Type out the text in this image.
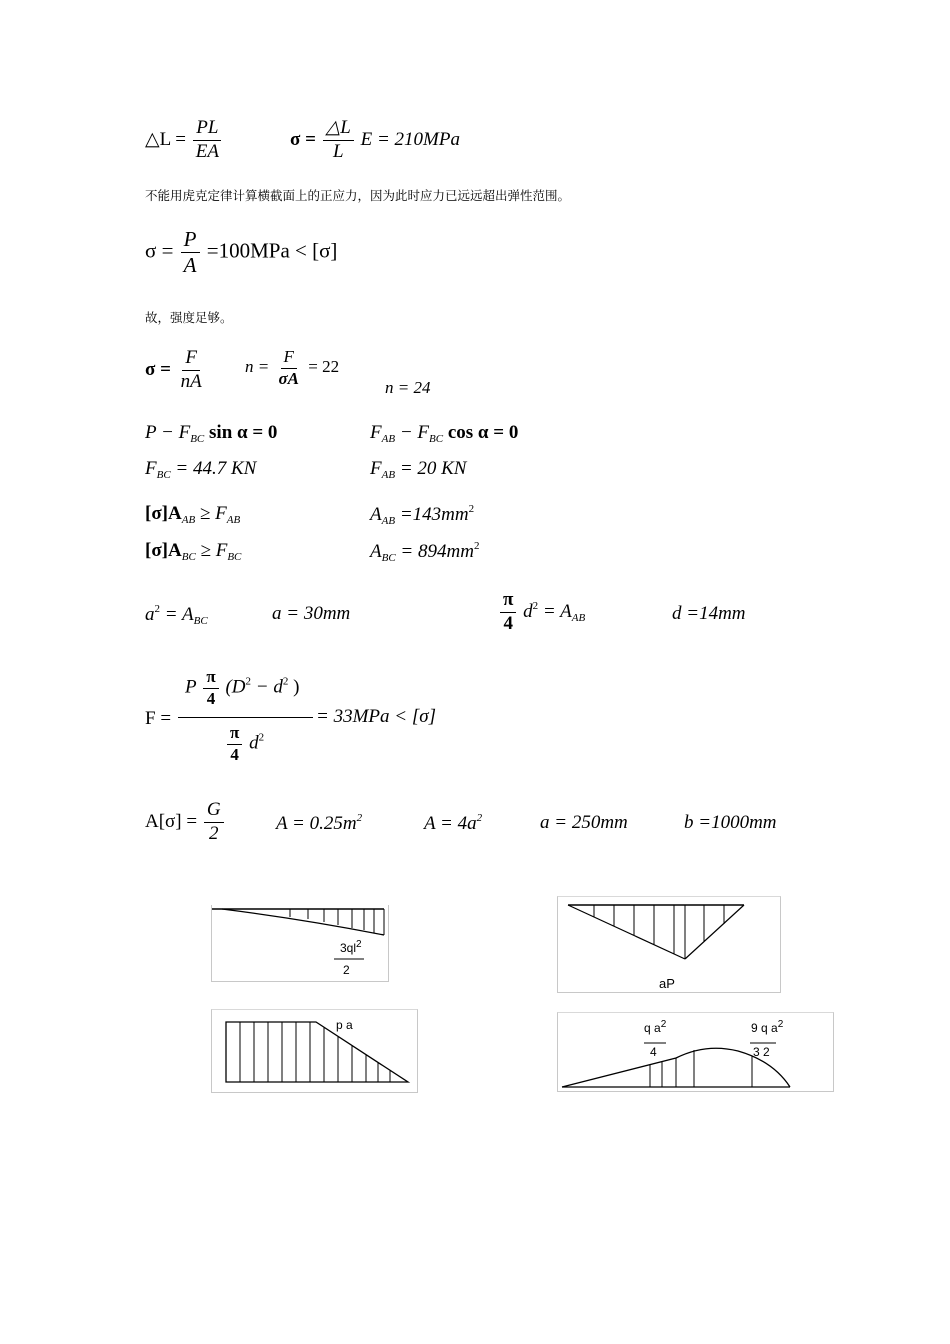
△L = $\frac{PL}{EA}$	$\sigma = \frac{\triangle L}{L}$ E = 210MPa
不能用虎克定律计算横截面上的正应力，因为此时应力已远远超出弹性范围。
$\sigma = \frac{P}{A} =100MPa < [\sigma]$
故，强度足够。
$\sigma = \frac{F}{nA}$ $n = \frac{F}{\sigma A} = 22$
n = 24
$P - F_{BC}$ sin α = 0	$F_{AB} - F_{BC}$ cos α = 0
$F_{BC} = 44.7$ KN	$F_{AB} = 20$ KN
$[\sigma]A_{AB} \ge F_{AB}$	$A_{AB} =143mm^2$
$[\sigma]A_{BC} \ge F_{BC}$	$A_{BC} = 894mm^2$
$a^2 = A_{BC}$	a = 30mm	$\frac{\pi}{4} d^2 = A_{AB}$	d =14mm
F =
P $\frac{\pi}{4} (D^2 - d^2$ )
$\frac{\pi}{4} d^2$
= 33MPa < [σ]
$A[\sigma] = \frac{G}{2}$	$A = 0.25m^2$	$A = 4a^2$	a = 250mm	b =1000mm
$3ql^2$
2
aP
p a	q $a^2$
4
9 q $a^2$
3 2
